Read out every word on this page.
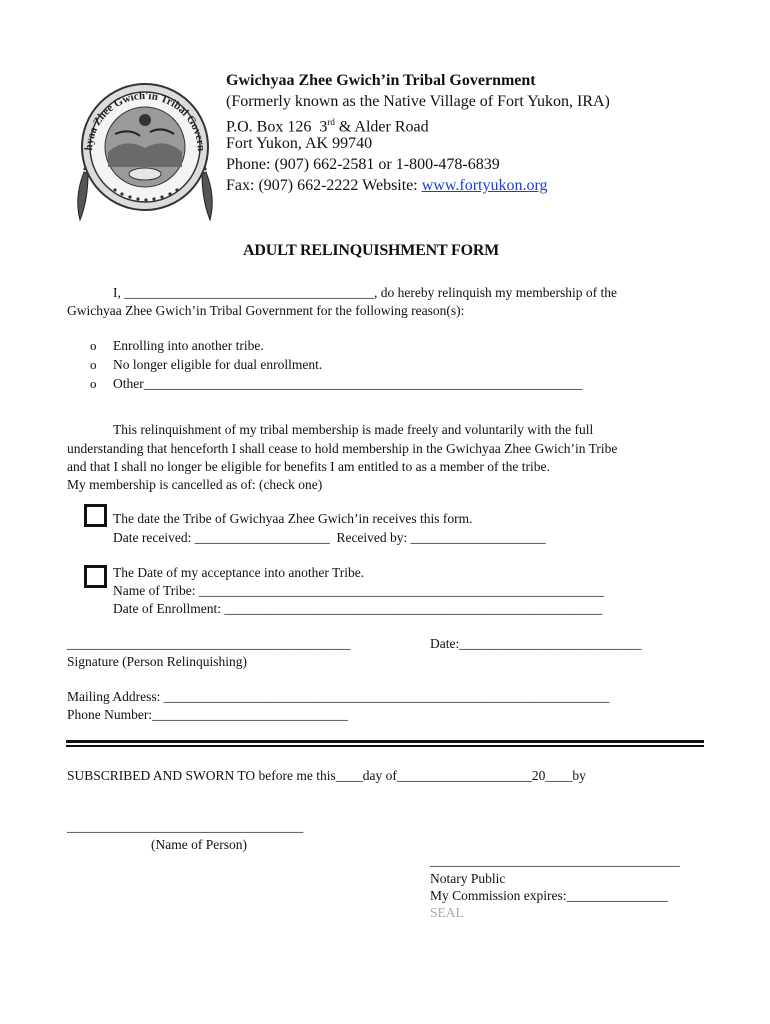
hyaa Zhee Gwich'in Tribal Govern

Gwichyaa Zhee Gwich’in Tribal Government
(Formerly known as the Native Village of Fort Yukon, IRA)
P.O. Box 126  3rd & Alder Road
Fort Yukon, AK 99740
Phone: (907) 662-2581 or 1-800-478-6839
Fax: (907) 662-2222 Website: www.fortyukon.org
ADULT RELINQUISHMENT FORM
I, _____________________________________, do hereby relinquish my membership of the
Gwichyaa Zhee Gwich’in Tribal Government for the following reason(s):
o Enrolling into another tribe.
o No longer eligible for dual enrollment.
o Other_________________________________________________________________
This relinquishment of my tribal membership is made freely and voluntarily with the full
understanding that henceforth I shall cease to hold membership in the Gwichyaa Zhee Gwich’in Tribe
and that I shall no longer be eligible for benefits I am entitled to as a member of the tribe.
My membership is cancelled as of: (check one)
The date the Tribe of Gwichyaa Zhee Gwich’in receives this form.
Date received: ____________________  Received by: ____________________
The Date of my acceptance into another Tribe.
Name of Tribe: ____________________________________________________________
Date of Enrollment: ________________________________________________________
__________________________________________	Date:___________________________
Signature (Person Relinquishing)
Mailing Address: __________________________________________________________________
Phone Number:_____________________________
SUBSCRIBED AND SWORN TO before me this____day of____________________20____by
___________________________________
(Name of Person)
_____________________________________
Notary Public
My Commission expires:_______________
SEAL
